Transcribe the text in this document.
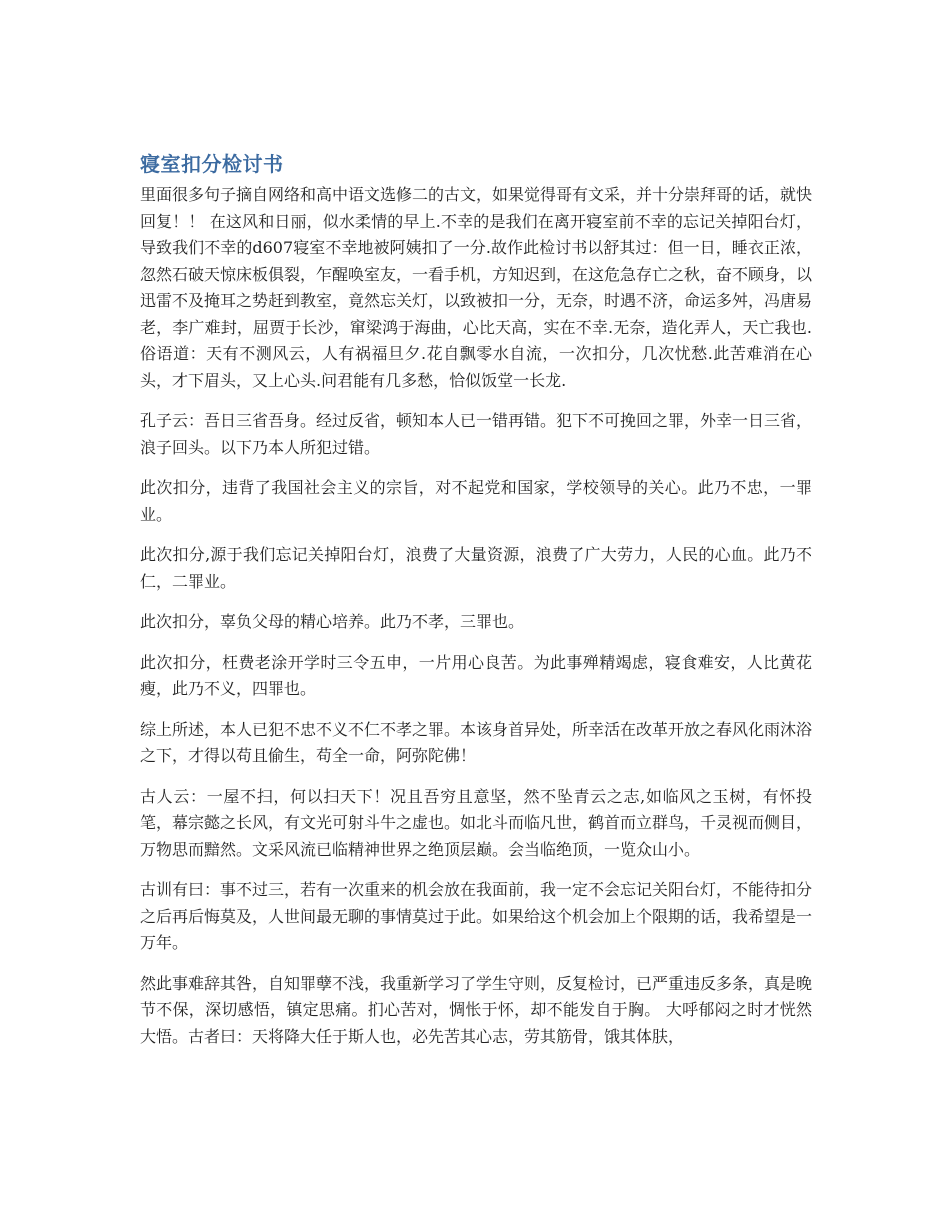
寝室扣分检讨书

里面很多句子摘自网络和高中语文选修二的古文，如果觉得哥有文采，并十分崇拜哥的话，就快回复！！ 在这风和日丽，似水柔情的早上.不幸的是我们在离开寝室前不幸的忘记关掉阳台灯，导致我们不幸的d607寝室不幸地被阿姨扣了一分.故作此检讨书以舒其过：但一日，睡衣正浓，忽然石破天惊床板俱裂，乍醒唤室友，一看手机，方知迟到，在这危急存亡之秋，奋不顾身，以迅雷不及掩耳之势赶到教室，竟然忘关灯，以致被扣一分，无奈，时遇不济，命运多舛，冯唐易老，李广难封，屈贾于长沙，窜梁鸿于海曲，心比天高，实在不幸.无奈，造化弄人，天亡我也.俗语道：天有不测风云，人有祸福旦夕.花自飘零水自流，一次扣分，几次忧愁.此苦难消在心头，才下眉头，又上心头.问君能有几多愁，恰似饭堂一长龙.

孔子云：吾日三省吾身。经过反省，顿知本人已一错再错。犯下不可挽回之罪，外幸一日三省，浪子回头。以下乃本人所犯过错。

此次扣分，违背了我国社会主义的宗旨，对不起党和国家，学校领导的关心。此乃不忠，一罪业。

此次扣分,源于我们忘记关掉阳台灯，浪费了大量资源，浪费了广大劳力，人民的心血。此乃不仁，二罪业。

此次扣分，辜负父母的精心培养。此乃不孝，三罪也。

此次扣分，枉费老涂开学时三令五申，一片用心良苦。为此事殚精竭虑，寝食难安，人比黄花瘦，此乃不义，四罪也。

综上所述，本人已犯不忠不义不仁不孝之罪。本该身首异处，所幸活在改革开放之春风化雨沐浴之下，才得以苟且偷生，苟全一命，阿弥陀佛！

古人云：一屋不扫，何以扫天下！况且吾穷且意坚，然不坠青云之志,如临风之玉树，有怀投笔，幕宗懿之长风，有文光可射斗牛之虚也。如北斗而临凡世，鹤首而立群鸟，千灵视而侧目，万物思而黯然。文采风流已临精神世界之绝顶层巅。会当临绝顶，一览众山小。

古训有曰：事不过三，若有一次重来的机会放在我面前，我一定不会忘记关阳台灯，不能待扣分之后再后悔莫及，人世间最无聊的事情莫过于此。如果给这个机会加上个限期的话，我希望是一万年。

然此事难辞其咎，自知罪孽不浅，我重新学习了学生守则，反复检讨，已严重违反多条，真是晚节不保，深切感悟，镇定思痛。扪心苦对，惆怅于怀，却不能发自于胸。 大呼郁闷之时才恍然大悟。古者曰：天将降大任于斯人也，必先苦其心志，劳其筋骨，饿其体肤，
